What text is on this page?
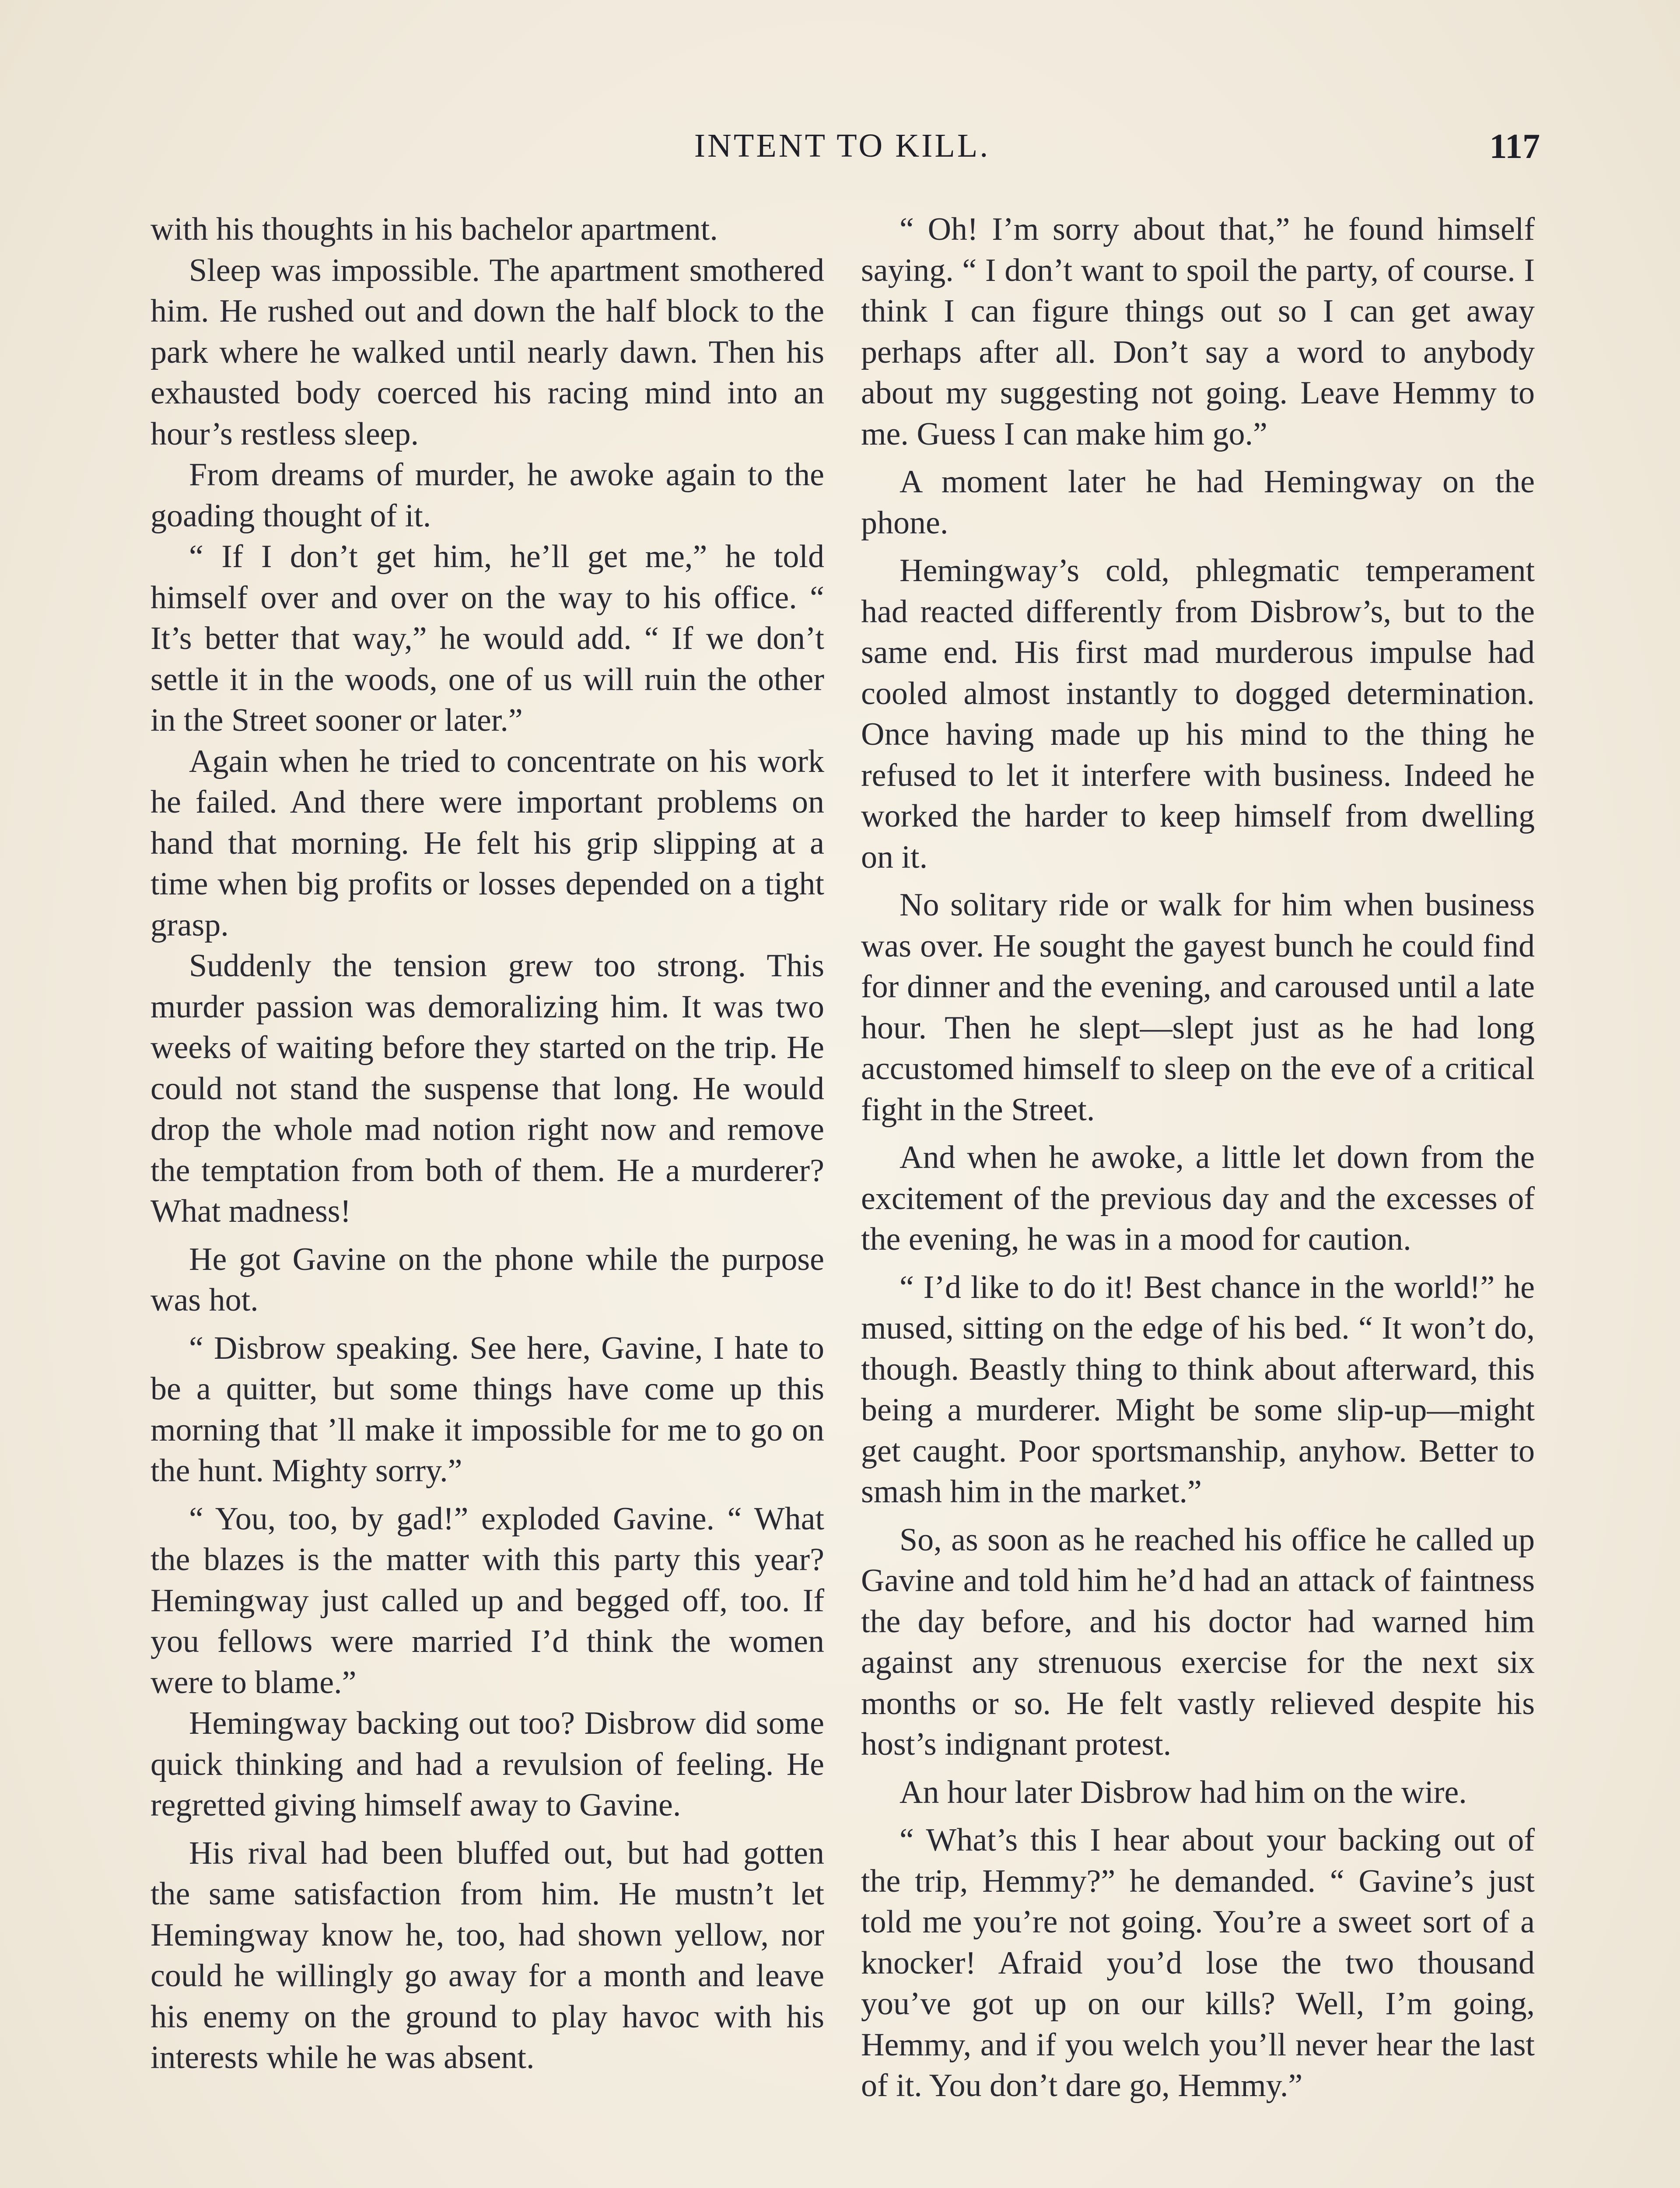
INTENT TO KILL.	117

with his thoughts in his bachelor apartment.

Sleep was impossible. The apartment smothered him. He rushed out and down the half block to the park where he walked until nearly dawn. Then his exhausted body coerced his racing mind into an hour’s restless sleep.

From dreams of murder, he awoke again to the goading thought of it.

“ If I don’t get him, he’ll get me,” he told himself over and over on the way to his office. “ It’s better that way,” he would add. “ If we don’t settle it in the woods, one of us will ruin the other in the Street sooner or later.”

Again when he tried to concentrate on his work he failed. And there were important problems on hand that morning. He felt his grip slipping at a time when big profits or losses depended on a tight grasp.

Suddenly the tension grew too strong. This murder passion was demoralizing him. It was two weeks of waiting before they started on the trip. He could not stand the suspense that long. He would drop the whole mad notion right now and remove the temptation from both of them. He a murderer? What madness!

He got Gavine on the phone while the purpose was hot.

“ Disbrow speaking. See here, Gavine, I hate to be a quitter, but some things have come up this morning that ’ll make it impossible for me to go on the hunt. Mighty sorry.”

“ You, too, by gad!” exploded Gavine. “ What the blazes is the matter with this party this year? Hemingway just called up and begged off, too. If you fellows were married I’d think the women were to blame.”

Hemingway backing out too? Disbrow did some quick thinking and had a revulsion of feeling. He regretted giving himself away to Gavine.

His rival had been bluffed out, but had gotten the same satisfaction from him. He mustn’t let Hemingway know he, too, had shown yellow, nor could he willingly go away for a month and leave his enemy on the ground to play havoc with his interests while he was absent.

“ Oh! I’m sorry about that,” he found himself saying. “ I don’t want to spoil the party, of course. I think I can figure things out so I can get away perhaps after all. Don’t say a word to anybody about my suggesting not going. Leave Hemmy to me. Guess I can make him go.”

A moment later he had Hemingway on the phone.

Hemingway’s cold, phlegmatic temperament had reacted differently from Disbrow’s, but to the same end. His first mad murderous impulse had cooled almost instantly to dogged determination. Once having made up his mind to the thing he refused to let it interfere with business. Indeed he worked the harder to keep himself from dwelling on it.

No solitary ride or walk for him when business was over. He sought the gayest bunch he could find for dinner and the evening, and caroused until a late hour. Then he slept—slept just as he had long accustomed himself to sleep on the eve of a critical fight in the Street.

And when he awoke, a little let down from the excitement of the previous day and the excesses of the evening, he was in a mood for caution.

“ I’d like to do it! Best chance in the world!” he mused, sitting on the edge of his bed. “ It won’t do, though. Beastly thing to think about afterward, this being a murderer. Might be some slip-up—might get caught. Poor sportsmanship, anyhow. Better to smash him in the market.”

So, as soon as he reached his office he called up Gavine and told him he’d had an attack of faintness the day before, and his doctor had warned him against any strenuous exercise for the next six months or so. He felt vastly relieved despite his host’s indignant protest.

An hour later Disbrow had him on the wire.

“ What’s this I hear about your backing out of the trip, Hemmy?” he demanded. “ Gavine’s just told me you’re not going. You’re a sweet sort of a knocker! Afraid you’d lose the two thousand you’ve got up on our kills? Well, I’m going, Hemmy, and if you welch you’ll never hear the last of it. You don’t dare go, Hemmy.”
